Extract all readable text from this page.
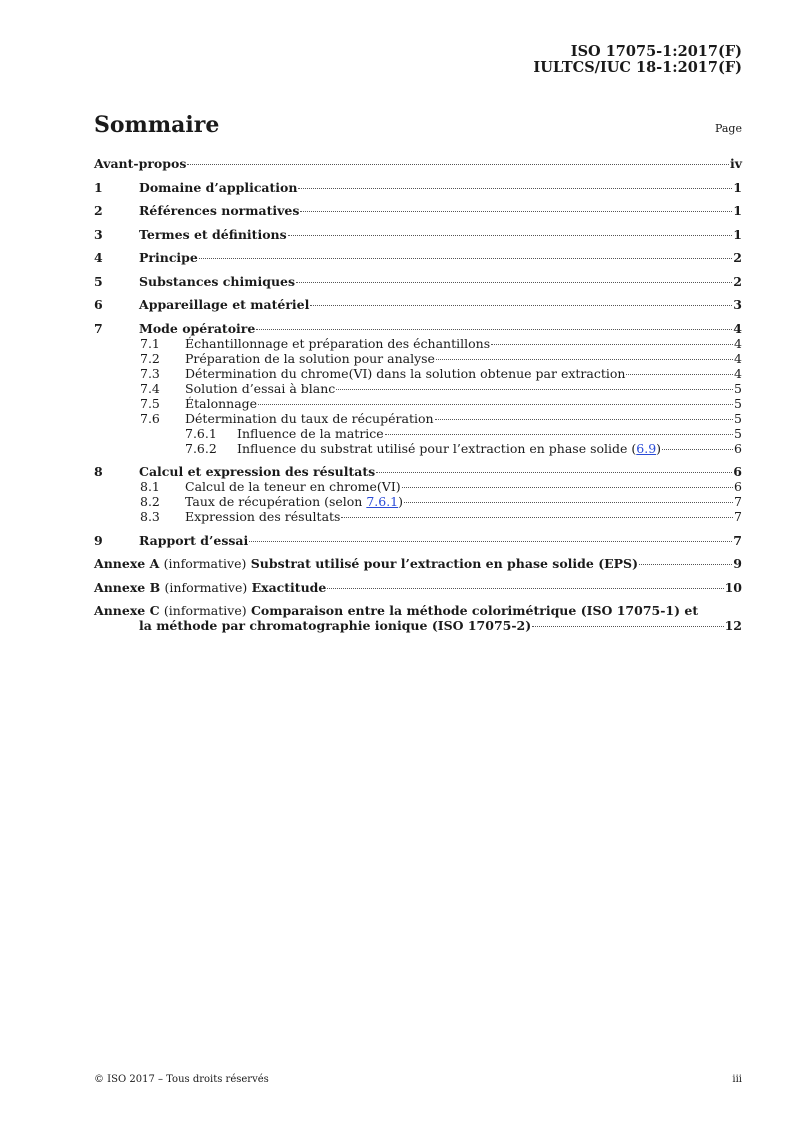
ISO 17075-1:2017(F)
IULTCS/IUC 18-1:2017(F)
Sommaire	Page
Avant-propos	iv
1	Domaine d’application	1
2	Références normatives	1
3	Termes et définitions	1
4	Principe	2
5	Substances chimiques	2
6	Appareillage et matériel	3
7	Mode opératoire	4
7.1 Échantillonnage et préparation des échantillons	4
7.2 Préparation de la solution pour analyse	4
7.3 Détermination du chrome(VI) dans la solution obtenue par extraction	4
7.4 Solution d’essai à blanc	5
7.5 Étalonnage	5
7.6 Détermination du taux de récupération	5
7.6.1 Influence de la matrice	5
7.6.2 Influence du substrat utilisé pour l’extraction en phase solide (6.9)	6
8	Calcul et expression des résultats	6
8.1 Calcul de la teneur en chrome(VI)	6
8.2 Taux de récupération (selon 7.6.1)	7
8.3 Expression des résultats	7
9	Rapport d’essai	7
Annexe A (informative) Substrat utilisé pour l’extraction en phase solide (EPS)	9
Annexe B (informative) Exactitude	10
Annexe C (informative) Comparaison entre la méthode colorimétrique (ISO 17075-1) et
la méthode par chromatographie ionique (ISO 17075-2)	12
© ISO 2017 – Tous droits réservés	iii
